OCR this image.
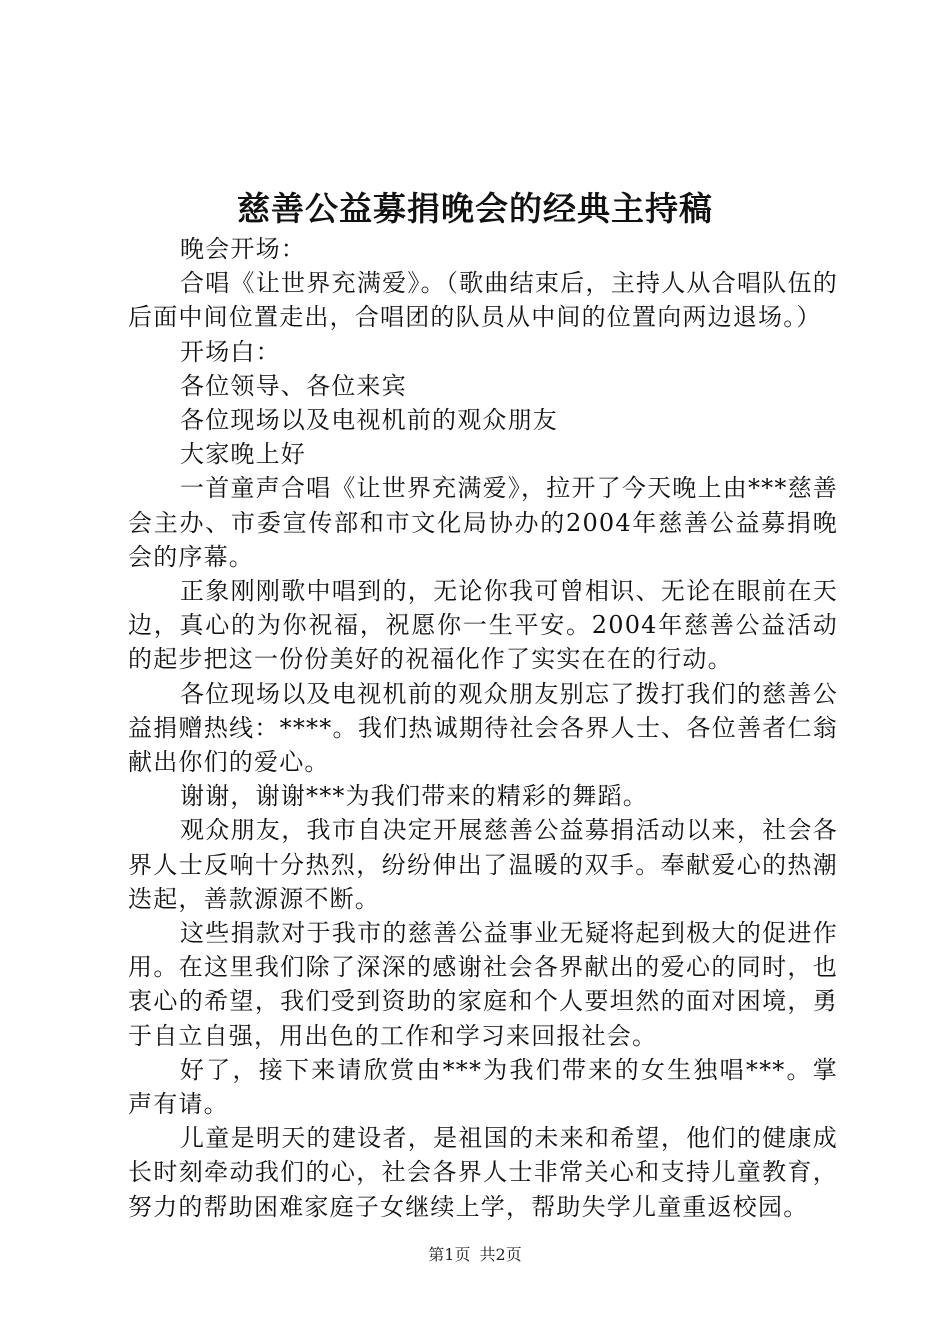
慈善公益募捐晚会的经典主持稿

晚会开场：

合唱《让世界充满爱》。（歌曲结束后，主持人从合唱队伍的后面中间位置走出，合唱团的队员从中间的位置向两边退场。）

开场白：

各位领导、各位来宾

各位现场以及电视机前的观众朋友

大家晚上好

一首童声合唱《让世界充满爱》，拉开了今天晚上由***慈善会主办、市委宣传部和市文化局协办的2004年慈善公益募捐晚会的序幕。

正象刚刚歌中唱到的，无论你我可曾相识、无论在眼前在天边，真心的为你祝福，祝愿你一生平安。2004年慈善公益活动的起步把这一份份美好的祝福化作了实实在在的行动。

各位现场以及电视机前的观众朋友别忘了拨打我们的慈善公益捐赠热线：****。我们热诚期待社会各界人士、各位善者仁翁献出你们的爱心。

谢谢，谢谢***为我们带来的精彩的舞蹈。

观众朋友，我市自决定开展慈善公益募捐活动以来，社会各界人士反响十分热烈，纷纷伸出了温暖的双手。奉献爱心的热潮迭起，善款源源不断。

这些捐款对于我市的慈善公益事业无疑将起到极大的促进作用。在这里我们除了深深的感谢社会各界献出的爱心的同时，也衷心的希望，我们受到资助的家庭和个人要坦然的面对困境，勇于自立自强，用出色的工作和学习来回报社会。

好了，接下来请欣赏由***为我们带来的女生独唱***。掌声有请。

儿童是明天的建设者，是祖国的未来和希望，他们的健康成长时刻牵动我们的心，社会各界人士非常关心和支持儿童教育，努力的帮助困难家庭子女继续上学，帮助失学儿童重返校园。

第1页 共2页
